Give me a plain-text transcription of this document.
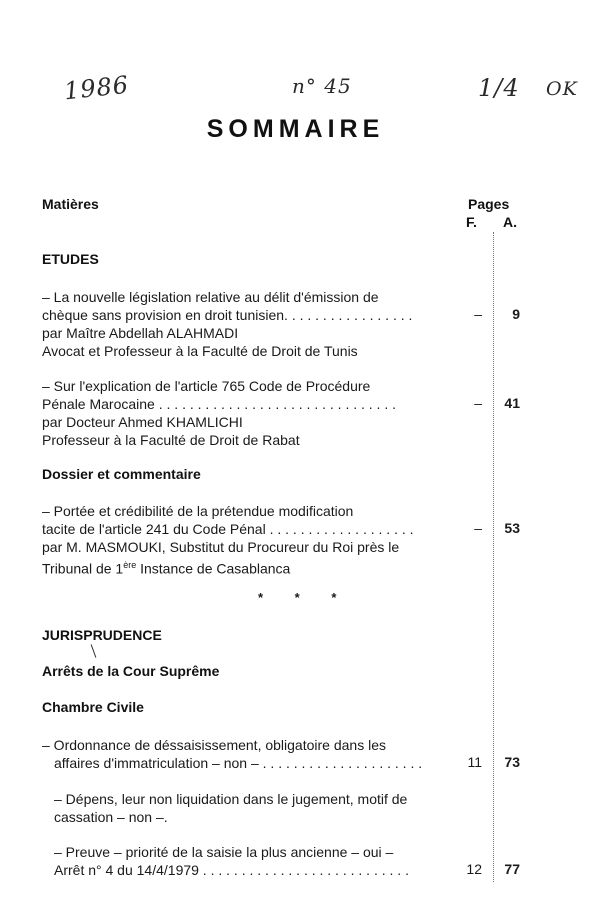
1986	n° 45	1/4 OK
SOMMAIRE
Matières	Pages
F. A.
ETUDES
– La nouvelle législation relative au délit d'émission de
chèque sans provision en droit tunisien. . . . . . . . . . . . . . . . .
par Maître Abdellah ALAHMADI
Avocat et Professeur à la Faculté de Droit de Tunis
–	9
– Sur l'explication de l'article 765 Code de Procédure
Pénale Marocaine . . . . . . . . . . . . . . . . . . . . . . . . . . . . . . .
par Docteur Ahmed KHAMLICHI
Professeur à la Faculté de Droit de Rabat
–	41
Dossier et commentaire
– Portée et crédibilité de la prétendue modification
tacite de l'article 241 du Code Pénal . . . . . . . . . . . . . . . . . . .
par M. MASMOUKI, Substitut du Procureur du Roi près le
Tribunal de 1ère Instance de Casablanca
–	53
* * *
JURISPRUDENCE
Arrêts de la Cour Suprême
Chambre Civile
– Ordonnance de déssaisissement, obligatoire dans les
affaires d'immatriculation – non – . . . . . . . . . . . . . . . . . . . . .	11	73
– Dépens, leur non liquidation dans le jugement, motif de
cassation – non –.
– Preuve – priorité de la saisie la plus ancienne – oui –
Arrêt n° 4 du 14/4/1979 . . . . . . . . . . . . . . . . . . . . . . . . . . .	12	77
